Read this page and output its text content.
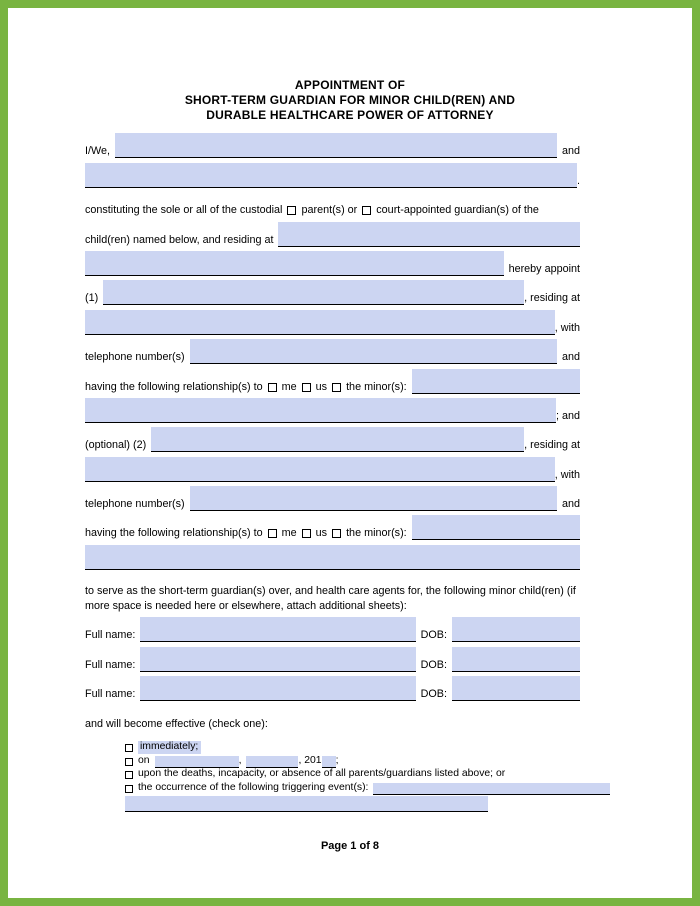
APPOINTMENT OF
SHORT-TERM GUARDIAN FOR MINOR CHILD(REN) AND
DURABLE HEALTHCARE POWER OF ATTORNEY
I/We,	and
.
constituting the sole or all of the custodial parent(s) or court-appointed guardian(s) of the
child(ren) named below, and residing at
hereby appoint
(1)	, residing at
, with
telephone number(s)	and
having the following relationship(s) to me us the minor(s):
; and
(optional) (2)	, residing at
, with
telephone number(s)	and
having the following relationship(s) to me us the minor(s):
to serve as the short-term guardian(s) over, and health care agents for, the following minor child(ren) (if
more space is needed here or elsewhere, attach additional sheets):
Full name:	DOB:
Full name:	DOB:
Full name:	DOB:
and will become effective (check one):
immediately;
on	,	, 201 ;
upon the deaths, incapacity, or absence of all parents/guardians listed above; or
the occurrence of the following triggering event(s):
Page 1 of 8
